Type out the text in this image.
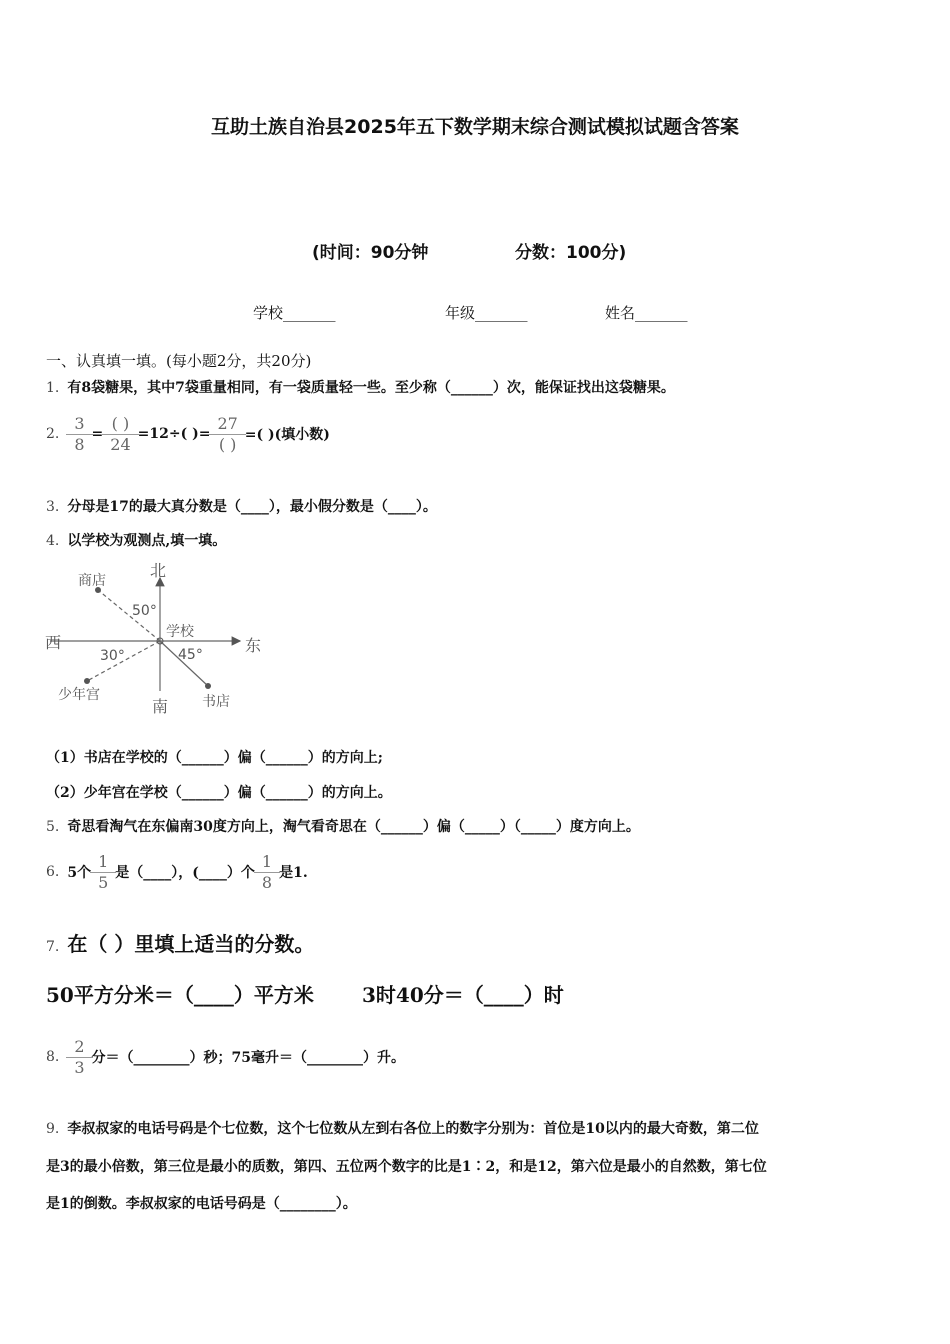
互助土族自治县2025年五下数学期末综合测试模拟试题含答案
(时间：90分钟	分数：100分)
学校_______	年级_______	姓名_______
一、认真填一填。(每小题2分，共20分)
1. 有8袋糖果，其中7袋重量相同，有一袋质量轻一些。至少称（______）次，能保证找出这袋糖果。
2. $\frac{3}{8} = \frac{( )}{24} =12\div$( )= $\frac{27}{( )}$ =( )(填小数)
3. 分母是17的最大真分数是（____），最小假分数是（____）。
4. 以学校为观测点,填一填。
北
南
东
西
学校
商店
少年宫	书店
50°
30°	45°
（1）书店在学校的（______）偏（______）的方向上;
（2）少年宫在学校（______）偏（______）的方向上。
5. 奇思看淘气在东偏南30度方向上，淘气看奇思在（______）偏（_____）（_____）度方向上。
6. 5个 $\frac{1}{5}$ 是（____），(____）个 $\frac{1}{8}$ 是1.
7. 在（ ）里填上适当的分数。
50平方分米＝（____）平方米 3时40分＝（____）时
8. $\frac{2}{3}$ 分＝（________）秒；75毫升＝（________）升。
9. 李叔叔家的电话号码是个七位数，这个七位数从左到右各位上的数字分别为：首位是10以内的最大奇数，第二位
是3的最小倍数，第三位是最小的质数，第四、五位两个数字的比是1∶2，和是12，第六位是最小的自然数，第七位
是1的倒数。李叔叔家的电话号码是（________）。
